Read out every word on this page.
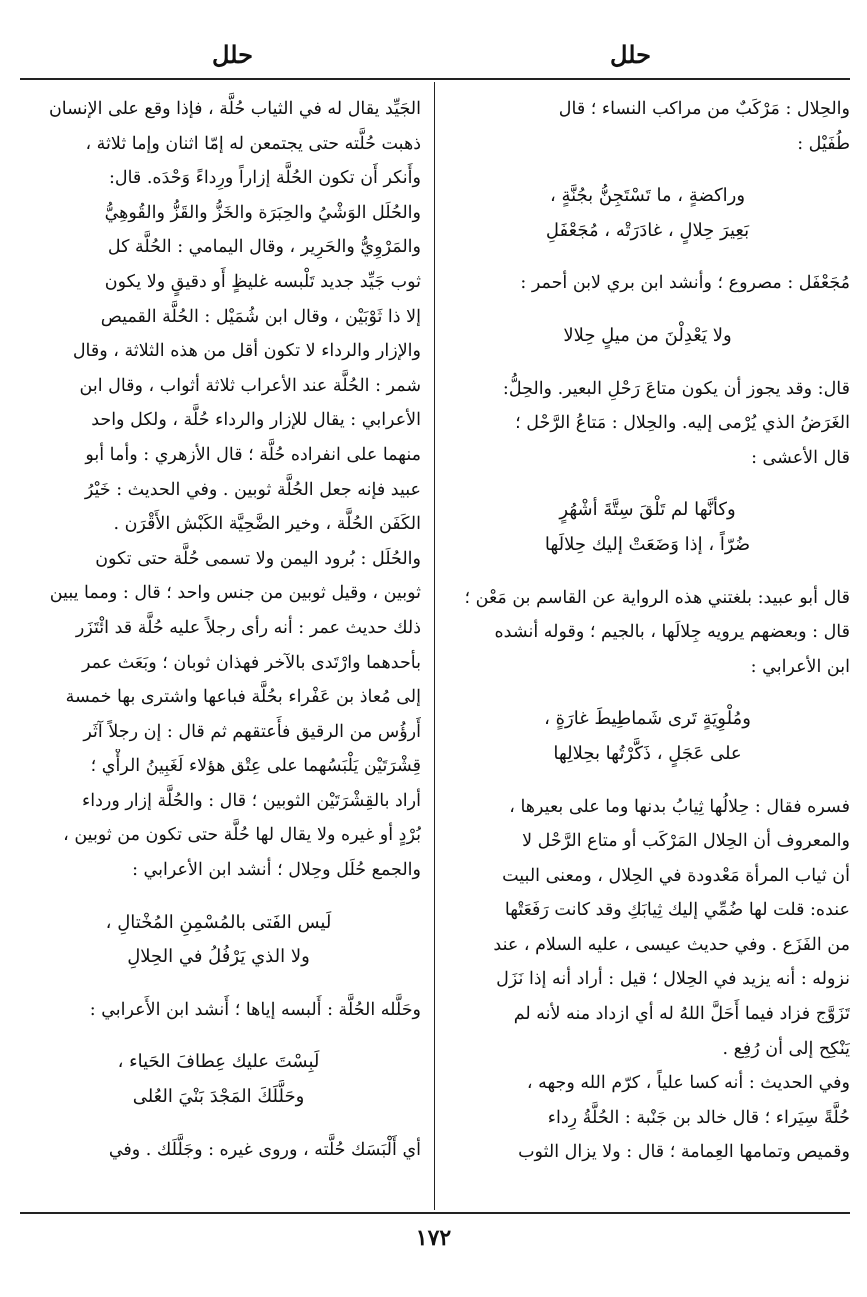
حلل
حلل
والحِلال : مَرْكَبٌ من مراكب النساء ؛ قال
طُفَيْل :
وراكضةٍ ، ما تَسْتَجِنُّ بجُنَّةٍ ،
بَعِيرَ حِلالٍ ، غادَرَتْه ، مُجَعْفَلِ
مُجَعْفَل : مصروع ؛ وأنشد ابن بري لابن أحمر :
ولا يَعْدِلْنَ من ميلٍ حِلالا
قال: وقد يجوز أن يكون متاعَ رَحْلِ البعير. والحِلُّ:
الغَرَضُ الذي يُرْمى إليه. والحِلال : مَتاعُ الرَّحْل ؛
قال الأعشى :
وكأنَّها لم تَلْقَ سِتَّةَ أشْهُرٍ
ضُرّاً ، إذا وَضَعَتْ إليك حِلالَها
قال أبو عبيد: بلغتني هذه الرواية عن القاسم بن مَعْن ؛
قال : وبعضهم يرويه جِلالَها ، بالجيم ؛ وقوله أنشده
ابن الأعرابي :
ومُلْوِيَةٍ تَرى شَماطِيطَ غارَةٍ ،
على عَجَلٍ ، ذَكَّرْتُها بحِلالِها
فسره فقال : حِلالُها ثِيابُ بدنها وما على بعيرها ،
والمعروف أن الحِلال المَرْكَب أو متاع الرَّحْل لا
أن ثياب المرأة مَعْدودة في الحِلال ، ومعنى البيت
عنده: قلت لها ضُمِّي إليك ثِيابَكِ وقد كانت رَفَعَتْها
من الفَزَع . وفي حديث عيسى ، عليه السلام ، عند
نزوله : أنه يزيد في الحِلال ؛ قيل : أراد أنه إذا نَزَل
تَزَوَّج فزاد فيما أَحَلَّ اللهُ له أي ازداد منه لأنه لم
يَنْكِح إلى أن رُفِع .
وفي الحديث : أنه كسا علياً ، كرّم الله وجهه ،
حُلَّةً سِيَراء ؛ قال خالد بن جَنْبة : الحُلَّةُ رِداء
وقميص وتمامها العِمامة ؛ قال : ولا يزال الثوب
الجَيِّد يقال له في الثياب حُلَّة ، فإذا وقع على الإنسان
ذهبت حُلَّته حتى يجتمعن له إمّا اثنان وإما ثلاثة ،
وأَنكر أَن تكون الحُلَّة إزاراً ورِداءً وَحْدَه. قال:
والحُلَل الوَشْيُ والحِبَرَة والخَزُّ والقَزُّ والقُوهِيُّ
والمَرْوِيُّ والحَرِير ، وقال اليمامي : الحُلَّة كل
ثوب جَيِّد جديد تَلْبسه غليظٍ أَو دقيقٍ ولا يكون
إلا ذا ثَوْبَيْن ، وقال ابن شُمَيْل : الحُلَّة القميص
والإزار والرداء لا تكون أقل من هذه الثلاثة ، وقال
شمر : الحُلَّة عند الأعراب ثلاثة أثواب ، وقال ابن
الأعرابي : يقال للإزار والرداء حُلَّة ، ولكل واحد
منهما على انفراده حُلَّة ؛ قال الأزهري : وأما أبو
عبيد فإنه جعل الحُلَّة ثوبين . وفي الحديث : خَيْرُ
الكَفَن الحُلَّة ، وخير الضَّحِيَّة الكَبْش الأَقْرَن .
والحُلَل : بُرود اليمن ولا تسمى حُلَّة حتى تكون
ثوبين ، وقيل ثوبين من جنس واحد ؛ قال : ومما يبين
ذلك حديث عمر : أنه رأى رجلاً عليه حُلَّة قد ائْتَزَر
بأحدهما وارْتَدى بالآخر فهذان ثوبان ؛ وبَعَث عمر
إلى مُعاذ بن عَفْراء بحُلَّة فباعها واشترى بها خمسة
أَرؤُس من الرقيق فأَعتقهم ثم قال : إن رجلاً آثَر
قِشْرَتَيْن يَلْبَسُهما على عِتْق هؤلاء لَغَبِينُ الرأْي ؛
أراد بالقِشْرَتَيْن الثوبين ؛ قال : والحُلَّة إزار ورداء
بُرْدٍ أو غيره ولا يقال لها حُلَّة حتى تكون من ثوبين ،
والجمع حُلَل وحِلال ؛ أنشد ابن الأعرابي :
لَيس الفَتى بالمُسْمِنِ المُخْتالِ ،
ولا الذي يَرْفُلُ في الحِلالِ
وحَلَّله الحُلَّة : أَلبسه إياها ؛ أَنشد ابن الأَعرابي :
لَبِسْتَ عليك عِطافَ الحَياء ،
وحَلَّلَكَ المَجْدَ بَنْيَ العُلى
أي أَلْبَسَك حُلَّته ، وروى غيره : وجَلَّلَك . وفي
١٧٢
